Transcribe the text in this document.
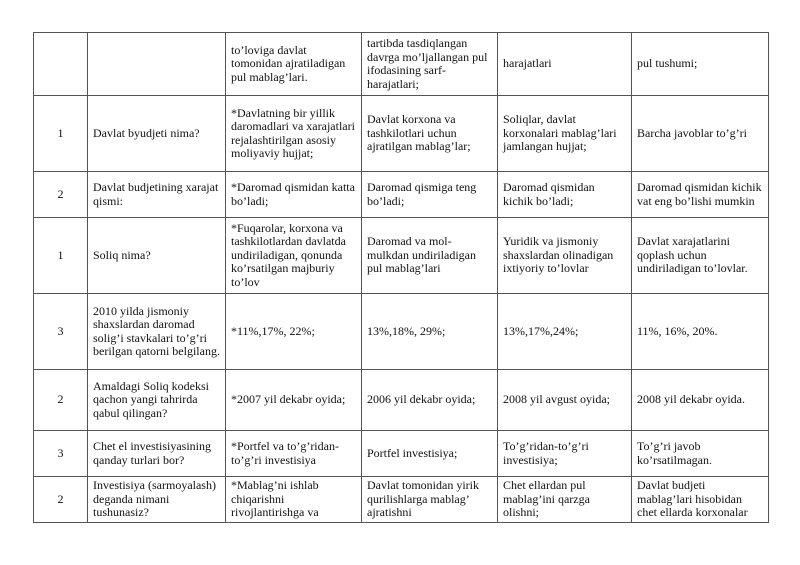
		to’loviga davlat tomonidan ajratiladigan pul mablag’lari.	tartibda tasdiqlangan davrga mo’ljallangan pul ifodasining sarf-harajatlari;	harajatlari	pul tushumi;
1	Davlat byudjeti nima?	*Davlatning bir yillik daromadlari va xarajatlari rejalashtirilgan asosiy moliyaviy hujjat;	Davlat korxona va tashkilotlari uchun ajratilgan mablag’lar;	Soliqlar, davlat korxonalari mablag’lari jamlangan hujjat;	Barcha javoblar to’g’ri
2	Davlat budjetining xarajat qismi:	*Daromad qismidan katta bo’ladi;	Daromad qismiga teng bo’ladi;	Daromad qismidan kichik bo’ladi;	Daromad qismidan kichik vat eng bo’lishi mumkin
1	Soliq nima?	*Fuqarolar, korxona va tashkilotlardan davlatda undiriladigan, qonunda ko’rsatilgan majburiy to’lov	Daromad va mol-mulkdan undiriladigan pul mablag’lari	Yuridik va jismoniy shaxslardan olinadigan ixtiyoriy to’lovlar	Davlat xarajatlarini qoplash uchun undiriladigan to’lovlar.
3	2010 yilda jismoniy shaxslardan daromad solig’i stavkalari to’g’ri berilgan qatorni belgilang.	*11%,17%, 22%;	13%,18%, 29%;	13%,17%,24%;	11%, 16%, 20%.
2	Amaldagi Soliq kodeksi qachon yangi tahrirda qabul qilingan?	*2007 yil dekabr oyida;	2006 yil dekabr oyida;	2008 yil avgust oyida;	2008 yil dekabr oyida.
3	Chet el investisiyasining qanday turlari bor?	*Portfel va to’g’ridan-to’g’ri investisiya	Portfel investisiya;	To’g’ridan-to’g’ri investisiya;	To’g’ri javob ko’rsatilmagan.
2	Investisiya (sarmoyalash) deganda nimani tushunasiz?	*Mablag’ni ishlab chiqarishni rivojlantirishga va	Davlat tomonidan yirik qurilishlarga mablag’ ajratishni	Chet ellardan pul mablag’ini qarzga olishni;	Davlat budjeti mablag’lari hisobidan chet ellarda korxonalar
